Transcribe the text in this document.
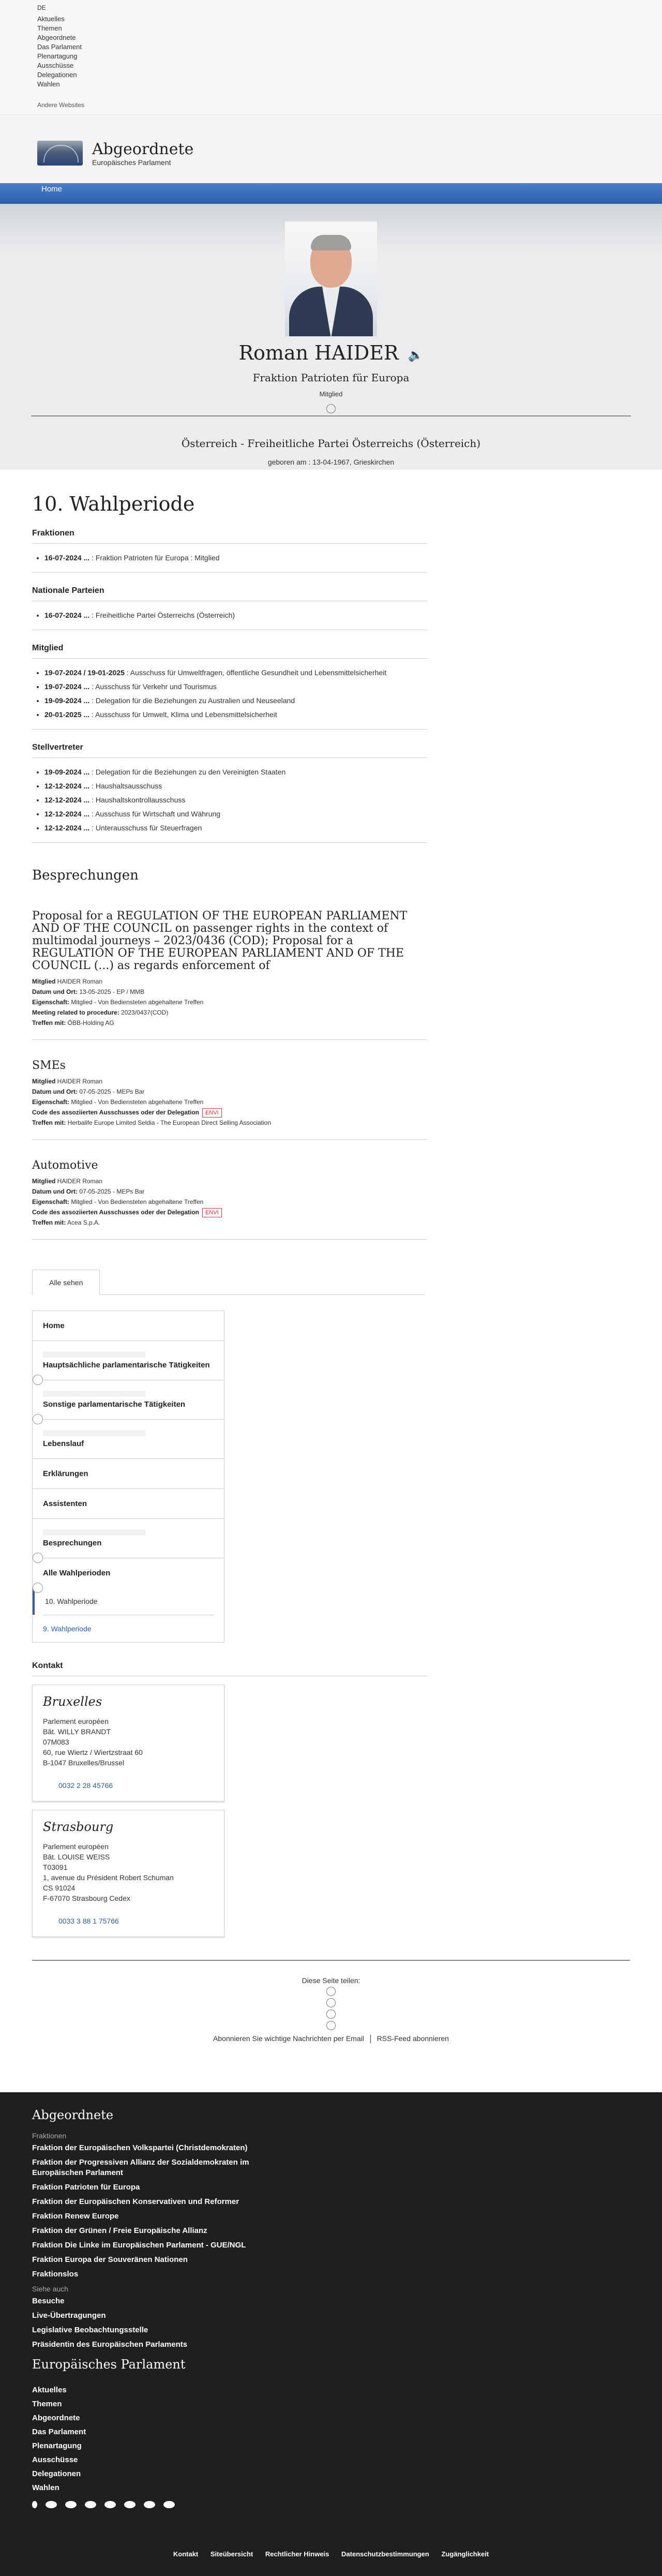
DE
Aktuelles
Themen
Abgeordnete
Das Parlament
Plenartagung
Ausschüsse
Delegationen
Wahlen
Andere Websites
Abgeordnete
Europäisches Parlament
Home
Roman HAIDER 🔈
Fraktion Patrioten für Europa
Mitglied
Österreich - Freiheitliche Partei Österreichs (Österreich)
geboren am : 13-04-1967, Grieskirchen
10. Wahlperiode
Fraktionen
• 16-07-2024 ... : Fraktion Patrioten für Europa : Mitglied
Nationale Parteien
• 16-07-2024 ... : Freiheitliche Partei Österreichs (Österreich)
Mitglied
• 19-07-2024 / 19-01-2025 : Ausschuss für Umweltfragen, öffentliche Gesundheit und Lebensmittelsicherheit
• 19-07-2024 ... : Ausschuss für Verkehr und Tourismus
• 19-09-2024 ... : Delegation für die Beziehungen zu Australien und Neuseeland
• 20-01-2025 ... : Ausschuss für Umwelt, Klima und Lebensmittelsicherheit
Stellvertreter
• 19-09-2024 ... : Delegation für die Beziehungen zu den Vereinigten Staaten
• 12-12-2024 ... : Haushaltsausschuss
• 12-12-2024 ... : Haushaltskontrollausschuss
• 12-12-2024 ... : Ausschuss für Wirtschaft und Währung
• 12-12-2024 ... : Unterausschuss für Steuerfragen
Besprechungen
Proposal for a REGULATION OF THE EUROPEAN PARLIAMENT AND OF THE COUNCIL on passenger rights in the context of multimodal journeys – 2023/0436 (COD); Proposal for a REGULATION OF THE EUROPEAN PARLIAMENT AND OF THE COUNCIL (...) as regards enforcement of
Mitglied HAIDER Roman
Datum und Ort: 13-05-2025 - EP / MMB
Eigenschaft: Mitglied - Von Bediensteten abgehaltene Treffen
Meeting related to procedure: 2023/0437(COD)
Treffen mit: ÖBB-Holding AG
SMEs
Mitglied HAIDER Roman
Datum und Ort: 07-05-2025 - MEPs Bar
Eigenschaft: Mitglied - Von Bediensteten abgehaltene Treffen
Code des assoziierten Ausschusses oder der Delegation ENVI
Treffen mit: Herbalife Europe Limited Seldia - The European Direct Selling Association
Automotive
Mitglied HAIDER Roman
Datum und Ort: 07-05-2025 - MEPs Bar
Eigenschaft: Mitglied - Von Bediensteten abgehaltene Treffen
Code des assoziierten Ausschusses oder der Delegation ENVI
Treffen mit: Acea S.p.A.
Alle sehen
Home
Hauptsächliche parlamentarische Tätigkeiten
Sonstige parlamentarische Tätigkeiten
Lebenslauf
Erklärungen
Assistenten
Besprechungen
Alle Wahlperioden
10. Wahlperiode
9. Wahlperiode
Kontakt
Bruxelles
Parlement européen
Bât. WILLY BRANDT
07M083
60, rue Wiertz / Wiertzstraat 60
B-1047 Bruxelles/Brussel
0032 2 28 45766
Strasbourg
Parlement européen
Bât. LOUISE WEISS
T03091
1, avenue du Président Robert Schuman
CS 91024
F-67070 Strasbourg Cedex
0033 3 88 1 75766
Diese Seite teilen:
Abonnieren Sie wichtige Nachrichten per Email RSS-Feed abonnieren
Abgeordnete
Fraktionen
Fraktion der Europäischen Volkspartei (Christdemokraten)
Fraktion der Progressiven Allianz der Sozialdemokraten im Europäischen Parlament
Fraktion Patrioten für Europa
Fraktion der Europäischen Konservativen und Reformer
Fraktion Renew Europe
Fraktion der Grünen / Freie Europäische Allianz
Fraktion Die Linke im Europäischen Parlament - GUE/NGL
Fraktion Europa der Souveränen Nationen
Fraktionslos
Siehe auch
Besuche
Live-Übertragungen
Legislative Beobachtungsstelle
Präsidentin des Europäischen Parlaments
Europäisches Parlament
Aktuelles
Themen
Abgeordnete
Das Parlament
Plenartagung
Ausschüsse
Delegationen
Wahlen
Kontakt Siteübersicht Rechtlicher Hinweis Datenschutzbestimmungen Zugänglichkeit
